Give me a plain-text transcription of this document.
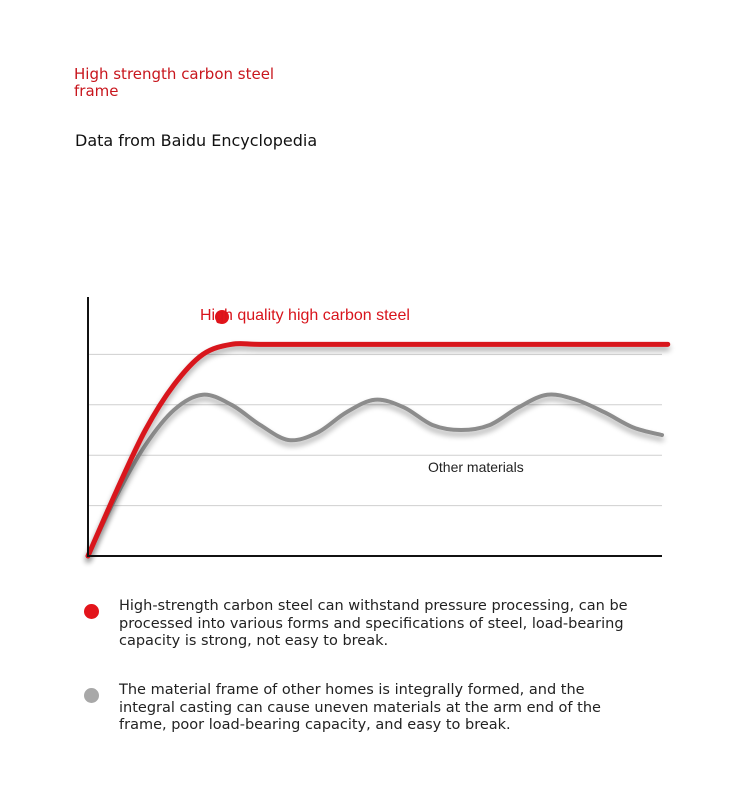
High strength carbon steel frame
Data from Baidu Encyclopedia
High quality high carbon steel
Other materials
High-strength carbon steel can withstand pressure processing, can be processed into various forms and specifications of steel, load-bearing capacity is strong, not easy to break.
The material frame of other homes is integrally formed, and the integral casting can cause uneven materials at the arm end of the frame, poor load-bearing capacity, and easy to break.
